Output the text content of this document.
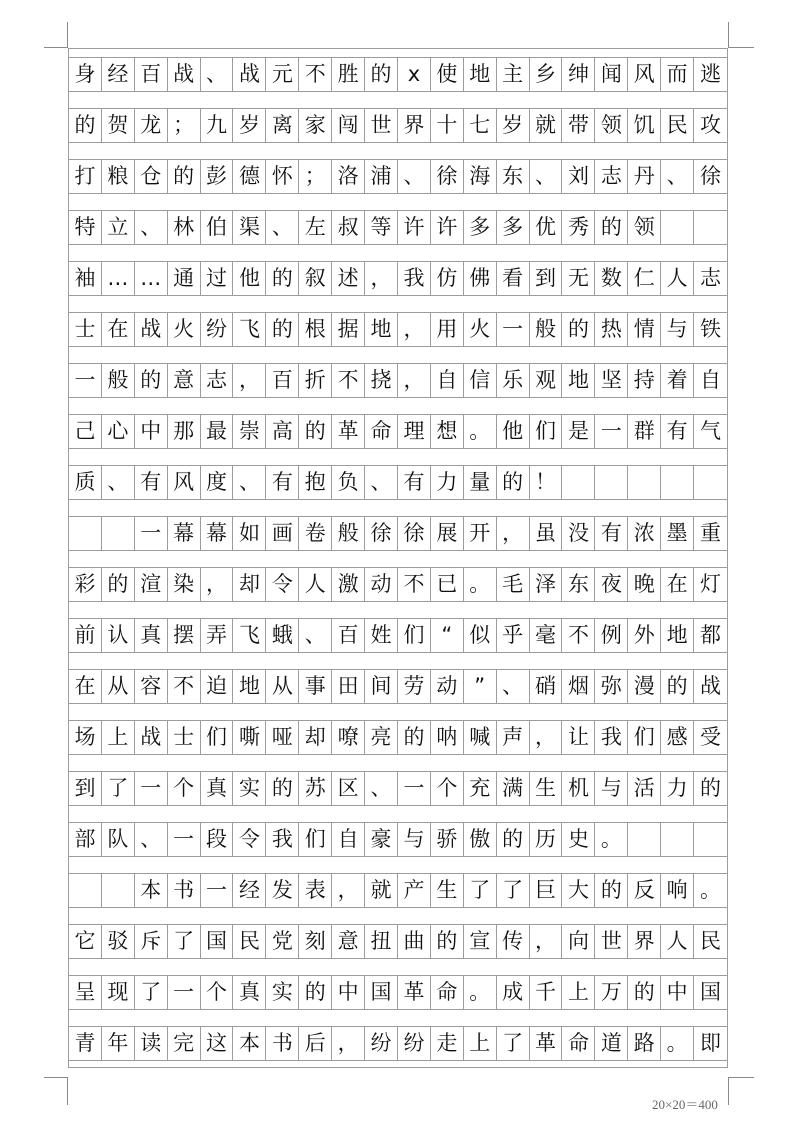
身 经 百 战 、 战 元 不 胜 的 x 使 地 主 乡 绅 闻 风 而 逃
的 贺 龙 ； 九 岁 离 家 闯 世 界 十 七 岁 就 带 领 饥 民 攻
打 粮 仓 的 彭 德 怀 ； 洛 浦 、 徐 海 东 、 刘 志 丹 、 徐
特 立 、 林 伯 渠 、 左 叔 等 许 许 多 多 优 秀 的 领
袖 … … 通 过 他 的 叙 述 ， 我 仿 佛 看 到 无 数 仁 人 志
士 在 战 火 纷 飞 的 根 据 地 ， 用 火 一 般 的 热 情 与 铁
一 般 的 意 志 ， 百 折 不 挠 ， 自 信 乐 观 地 坚 持 着 自
己 心 中 那 最 崇 高 的 革 命 理 想 。 他 们 是 一 群 有 气
质 、 有 风 度 、 有 抱 负 、 有 力 量 的 ！
一 幕 幕 如 画 卷 般 徐 徐 展 开 ， 虽 没 有 浓 墨 重
彩 的 渲 染 ， 却 令 人 激 动 不 已 。 毛 泽 东 夜 晚 在 灯
前 认 真 摆 弄 飞 蛾 、 百 姓 们 “ 似 乎 毫 不 例 外 地 都
在 从 容 不 迫 地 从 事 田 间 劳 动 ” 、 硝 烟 弥 漫 的 战
场 上 战 士 们 嘶 哑 却 嘹 亮 的 呐 喊 声 ， 让 我 们 感 受
到 了 一 个 真 实 的 苏 区 、 一 个 充 满 生 机 与 活 力 的
部 队 、 一 段 令 我 们 自 豪 与 骄 傲 的 历 史 。
本 书 一 经 发 表 ， 就 产 生 了 了 巨 大 的 反 响 。
它 驳 斥 了 国 民 党 刻 意 扭 曲 的 宣 传 ， 向 世 界 人 民
呈 现 了 一 个 真 实 的 中 国 革 命 。 成 千 上 万 的 中 国
青 年 读 完 这 本 书 后 ， 纷 纷 走 上 了 革 命 道 路 。 即
20×20＝400
